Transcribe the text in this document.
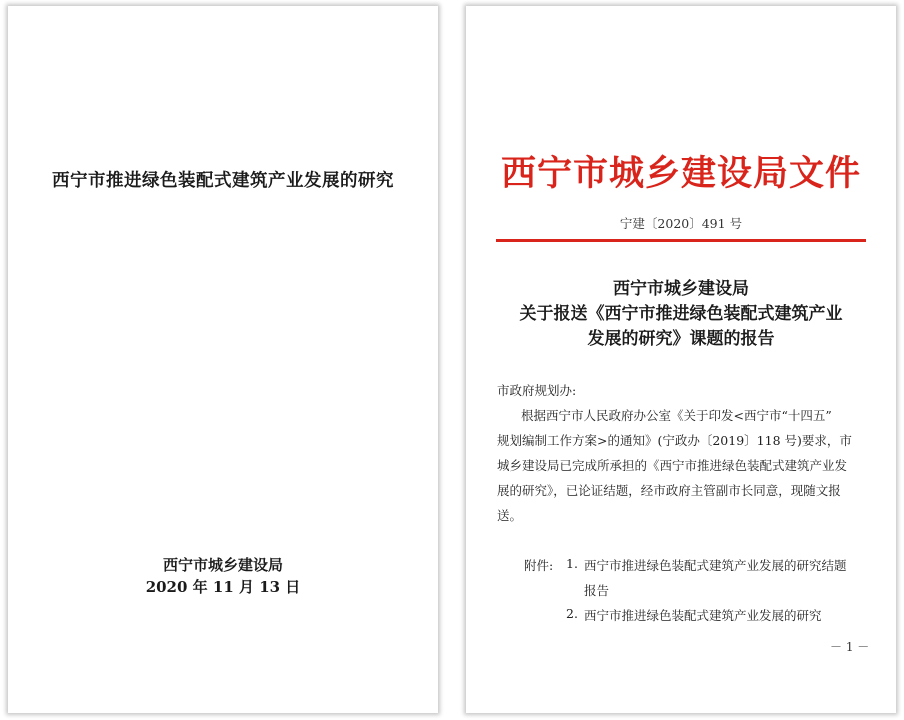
西宁市推进绿色装配式建筑产业发展的研究
西宁市城乡建设局
2020 年 11 月 13 日
西宁市城乡建设局文件
宁建〔2020〕491 号
西宁市城乡建设局
关于报送《西宁市推进绿色装配式建筑产业
发展的研究》课题的报告
市政府规划办:
根据西宁市人民政府办公室《关于印发<西宁市“十四五”
规划编制工作方案>的通知》(宁政办〔2019〕118 号)要求，市
城乡建设局已完成所承担的《西宁市推进绿色装配式建筑产业发
展的研究》，已论证结题，经市政府主管副市长同意，现随文报
送。
附件: 1. 西宁市推进绿色装配式建筑产业发展的研究结题
报告
2. 西宁市推进绿色装配式建筑产业发展的研究
－ 1 －
